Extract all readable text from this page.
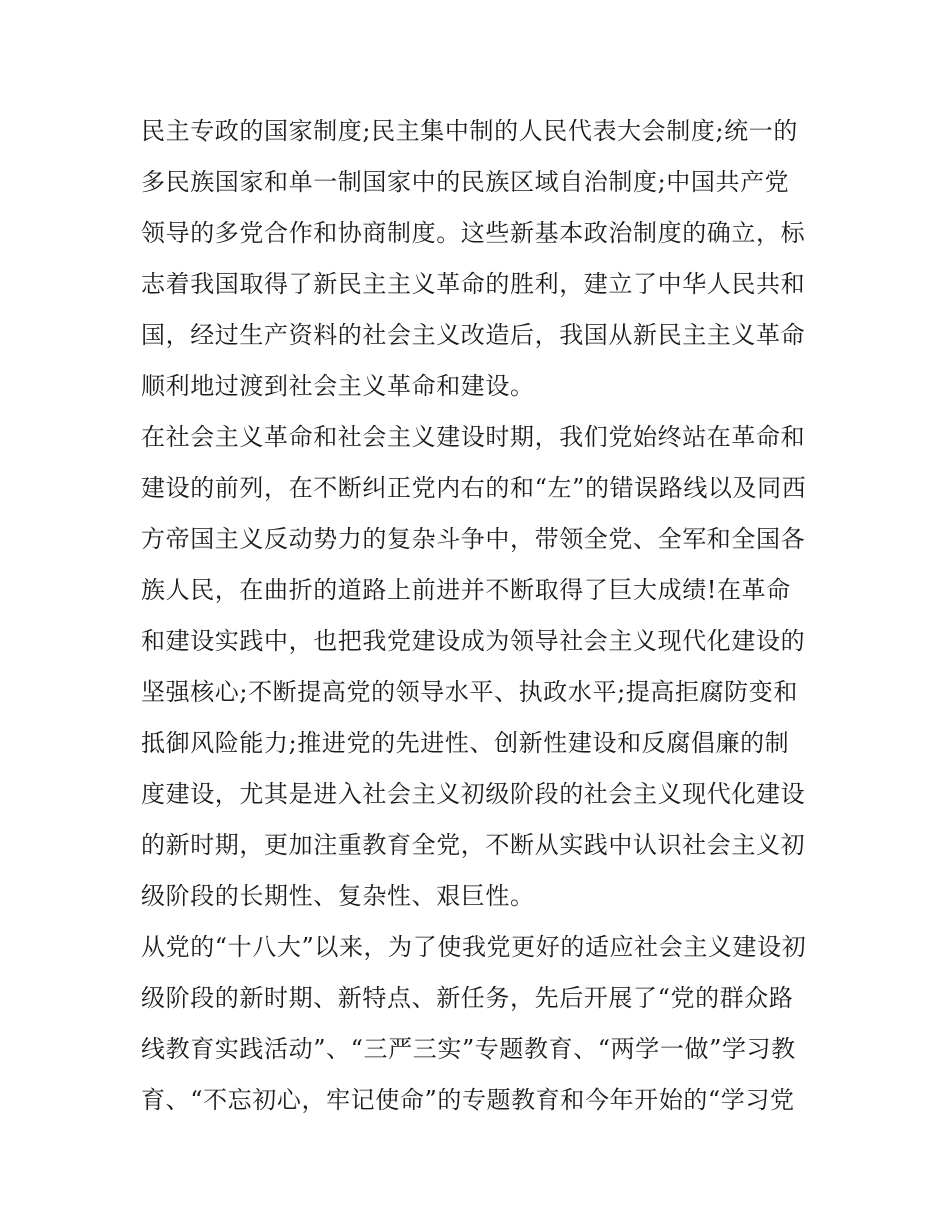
民主专政的国家制度;民主集中制的人民代表大会制度;统一的
多民族国家和单一制国家中的民族区域自治制度;中国共产党
领导的多党合作和协商制度。这些新基本政治制度的确立，标
志着我国取得了新民主主义革命的胜利，建立了中华人民共和
国，经过生产资料的社会主义改造后，我国从新民主主义革命
顺利地过渡到社会主义革命和建设。
在社会主义革命和社会主义建设时期，我们党始终站在革命和
建设的前列，在不断纠正党内右的和“左”的错误路线以及同西
方帝国主义反动势力的复杂斗争中，带领全党、全军和全国各
族人民，在曲折的道路上前进并不断取得了巨大成绩!在革命
和建设实践中，也把我党建设成为领导社会主义现代化建设的
坚强核心;不断提高党的领导水平、执政水平;提高拒腐防变和
抵御风险能力;推进党的先进性、创新性建设和反腐倡廉的制
度建设，尤其是进入社会主义初级阶段的社会主义现代化建设
的新时期，更加注重教育全党，不断从实践中认识社会主义初
级阶段的长期性、复杂性、艰巨性。
从党的“十八大”以来，为了使我党更好的适应社会主义建设初
级阶段的新时期、新特点、新任务，先后开展了“党的群众路
线教育实践活动”、“三严三实”专题教育、“两学一做”学习教
育、“不忘初心，牢记使命”的专题教育和今年开始的“学习党
